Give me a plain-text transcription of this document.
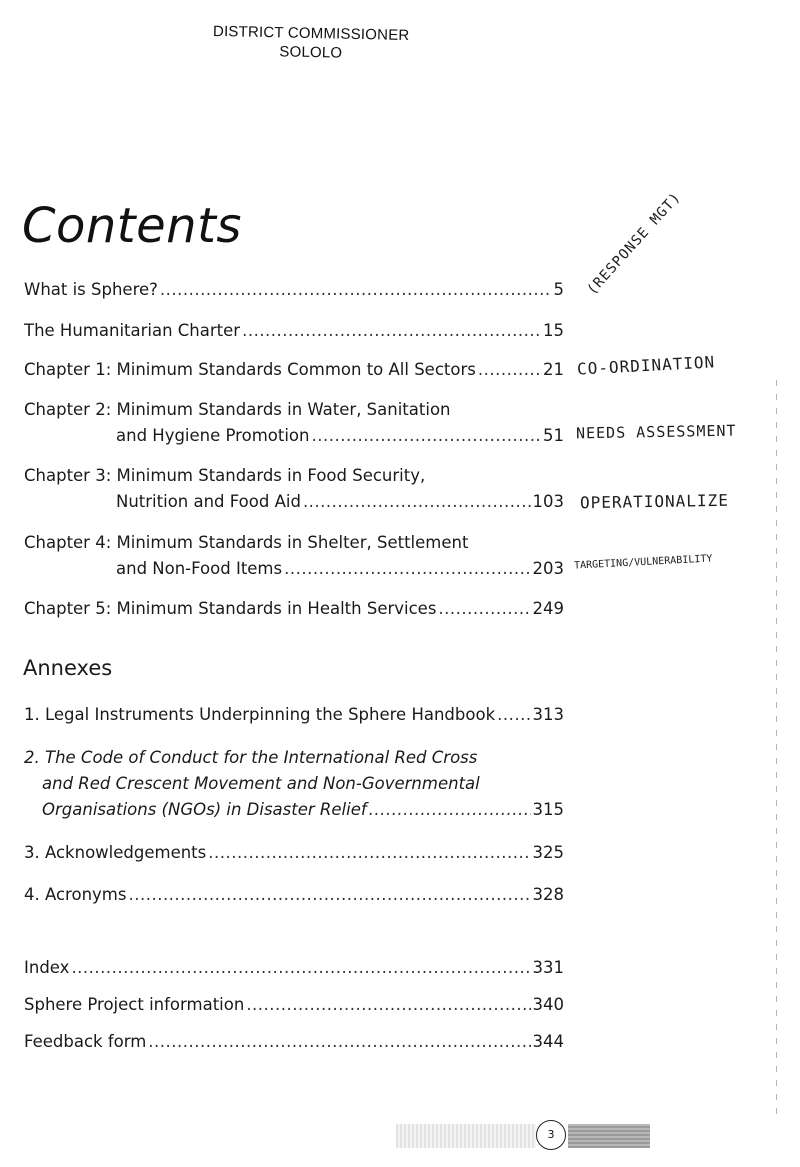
DISTRICT COMMISSIONER
SOLOLO
Contents
What is Sphere? .....	5
The Humanitarian Charter .....	15
Chapter 1: Minimum Standards Common to All Sectors .....	21
Chapter 2: Minimum Standards in Water, Sanitation
and Hygiene Promotion .....	51
Chapter 3: Minimum Standards in Food Security,
Nutrition and Food Aid .....	103
Chapter 4: Minimum Standards in Shelter, Settlement
and Non-Food Items .....	203
Chapter 5: Minimum Standards in Health Services .....	249
Annexes
1. Legal Instruments Underpinning the Sphere Handbook ..... 313
2. The Code of Conduct for the International Red Cross
and Red Crescent Movement and Non-Governmental
Organisations (NGOs) in Disaster Relief .....	315
3. Acknowledgements .....	325
4. Acronyms .....	328
Index .....	331
Sphere Project information .....	340
Feedback form .....	344
(RESPONSE MGT)
CO-ORDINATION
NEEDS ASSESSMENT
OPERATIONALIZE
TARGETING/VULNERABILITY
3
